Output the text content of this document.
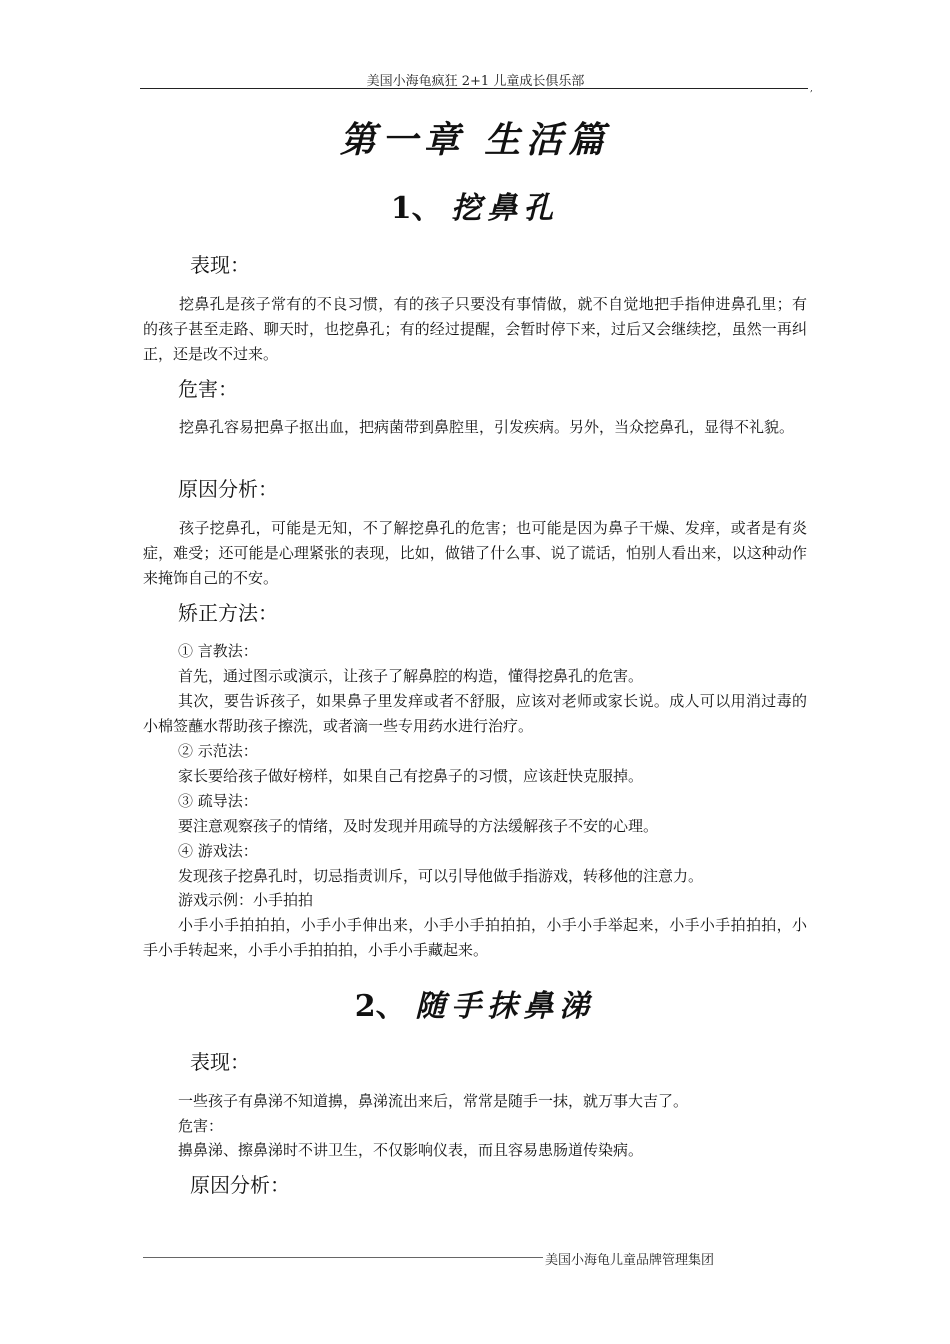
美国小海龟疯狂 2+1 儿童成长俱乐部	,
第一章 生活篇
1、 挖鼻孔
表现：
挖鼻孔是孩子常有的不良习惯，有的孩子只要没有事情做，就不自觉地把手指伸进鼻孔里；有的孩子甚至走路、聊天时，也挖鼻孔；有的经过提醒，会暂时停下来，过后又会继续挖，虽然一再纠正，还是改不过来。
危害：
挖鼻孔容易把鼻子抠出血，把病菌带到鼻腔里，引发疾病。另外，当众挖鼻孔，显得不礼貌。
原因分析：
孩子挖鼻孔，可能是无知，不了解挖鼻孔的危害；也可能是因为鼻子干燥、发痒，或者是有炎症，难受；还可能是心理紧张的表现，比如，做错了什么事、说了谎话，怕别人看出来，以这种动作来掩饰自己的不安。
矫正方法：
① 言教法：
首先，通过图示或演示，让孩子了解鼻腔的构造，懂得挖鼻孔的危害。
其次，要告诉孩子，如果鼻子里发痒或者不舒服，应该对老师或家长说。成人可以用消过毒的小棉签蘸水帮助孩子擦洗，或者滴一些专用药水进行治疗。
② 示范法：
家长要给孩子做好榜样，如果自己有挖鼻子的习惯，应该赶快克服掉。
③ 疏导法：
要注意观察孩子的情绪，及时发现并用疏导的方法缓解孩子不安的心理。
④ 游戏法：
发现孩子挖鼻孔时，切忌指责训斥，可以引导他做手指游戏，转移他的注意力。
游戏示例：小手拍拍
小手小手拍拍拍，小手小手伸出来，小手小手拍拍拍，小手小手举起来，小手小手拍拍拍，小手小手转起来，小手小手拍拍拍，小手小手藏起来。
2、 随手抹鼻涕
表现：
一些孩子有鼻涕不知道擤，鼻涕流出来后，常常是随手一抹，就万事大吉了。
危害：
擤鼻涕、擦鼻涕时不讲卫生，不仅影响仪表，而且容易患肠道传染病。
原因分析：
美国小海龟儿童品牌管理集团
